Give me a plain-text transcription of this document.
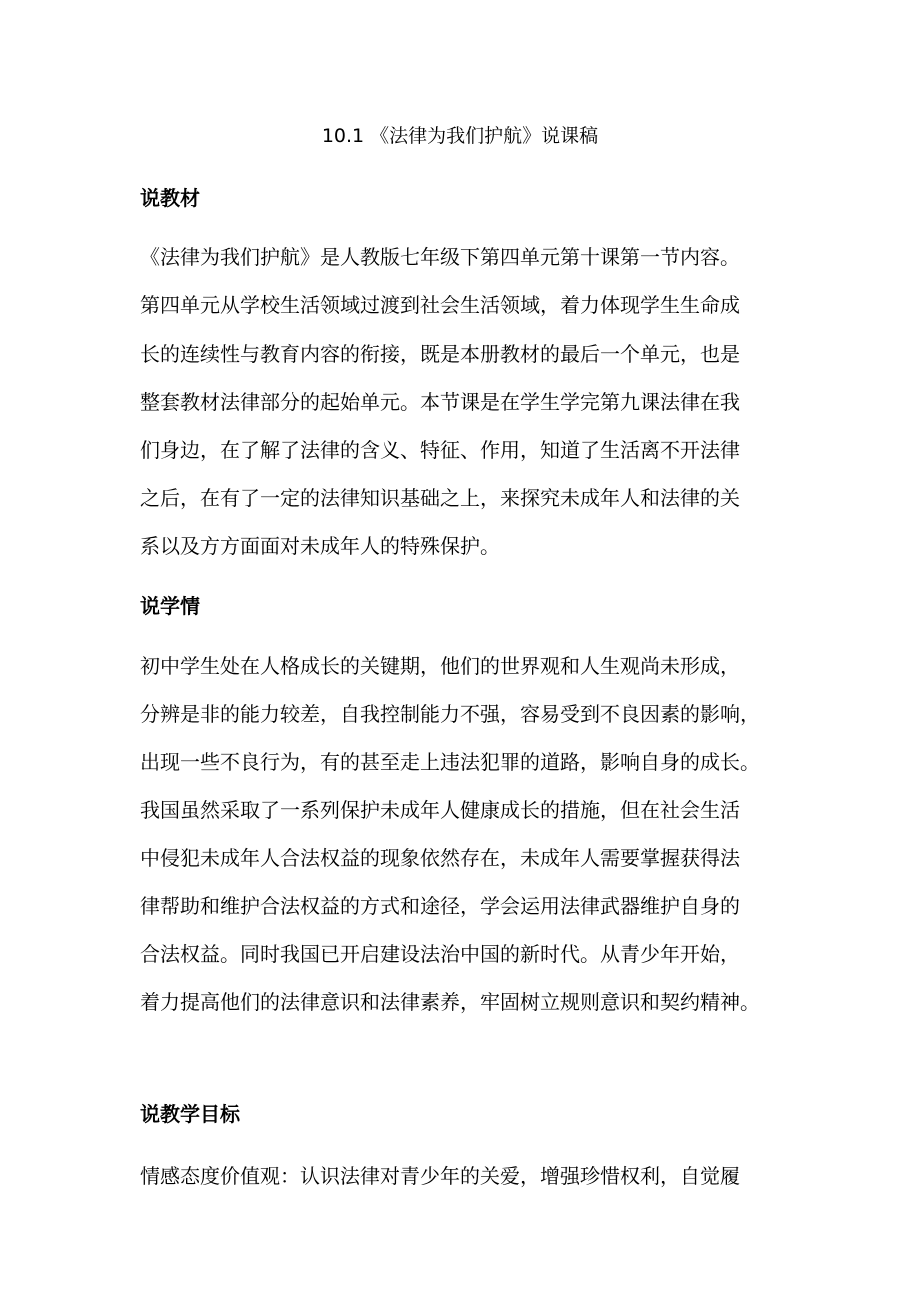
10.1 《法律为我们护航》说课稿
说教材
《法律为我们护航》是人教版七年级下第四单元第十课第一节内容。
第四单元从学校生活领域过渡到社会生活领域，着力体现学生生命成
长的连续性与教育内容的衔接，既是本册教材的最后一个单元，也是
整套教材法律部分的起始单元。本节课是在学生学完第九课法律在我
们身边，在了解了法律的含义、特征、作用，知道了生活离不开法律
之后，在有了一定的法律知识基础之上，来探究未成年人和法律的关
系以及方方面面对未成年人的特殊保护。
说学情
初中学生处在人格成长的关键期，他们的世界观和人生观尚未形成，
分辨是非的能力较差，自我控制能力不强，容易受到不良因素的影响，
出现一些不良行为，有的甚至走上违法犯罪的道路，影响自身的成长。
我国虽然采取了一系列保护未成年人健康成长的措施，但在社会生活
中侵犯未成年人合法权益的现象依然存在，未成年人需要掌握获得法
律帮助和维护合法权益的方式和途径，学会运用法律武器维护自身的
合法权益。同时我国已开启建设法治中国的新时代。从青少年开始，
着力提高他们的法律意识和法律素养，牢固树立规则意识和契约精神。
说教学目标
情感态度价值观：认识法律对青少年的关爱，增强珍惜权利，自觉履
